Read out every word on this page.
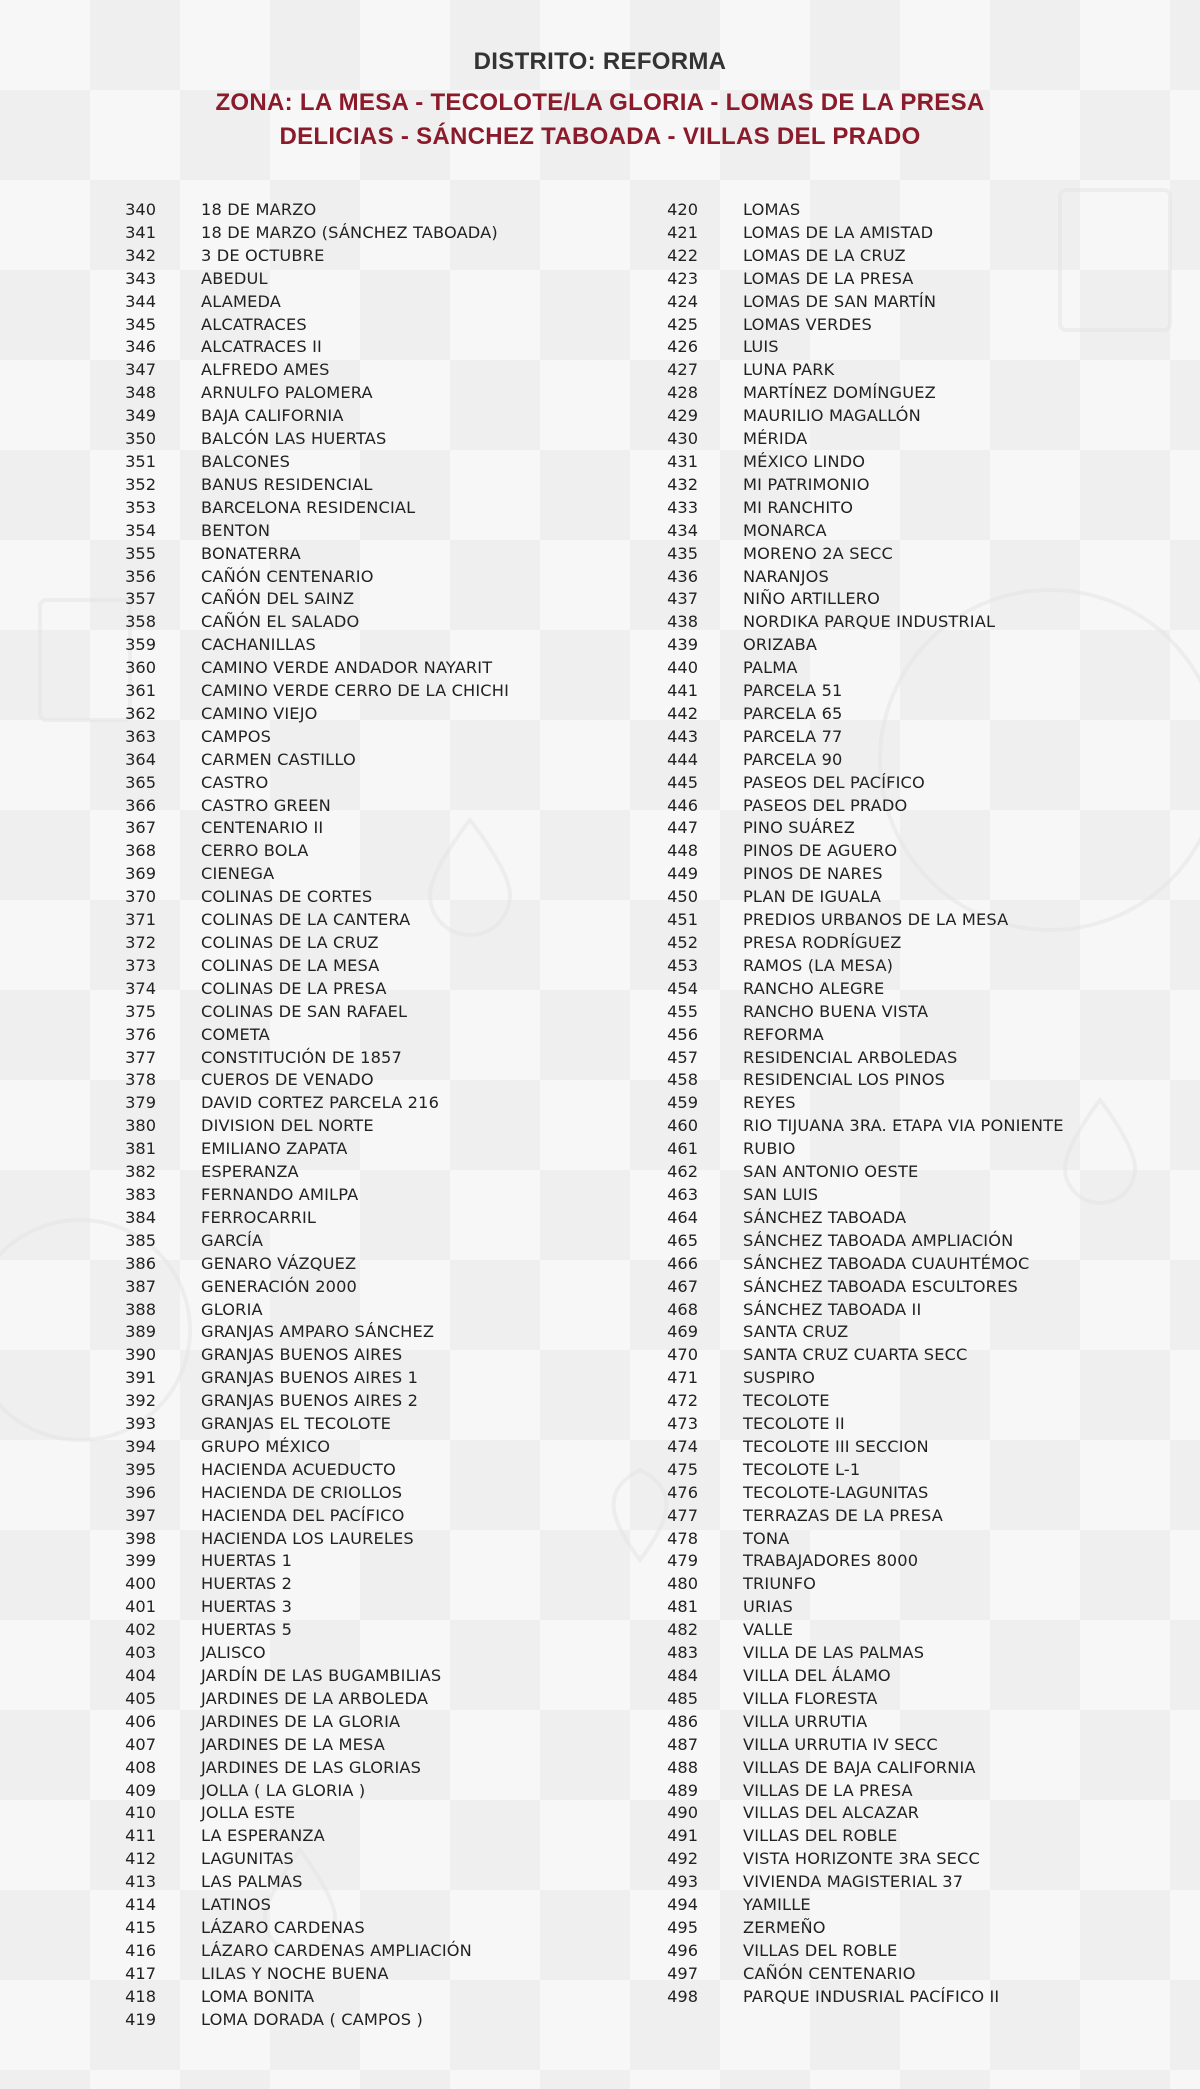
DISTRITO: REFORMA
ZONA: LA MESA - TECOLOTE/LA GLORIA - LOMAS DE LA PRESA
DELICIAS - SÁNCHEZ TABOADA - VILLAS DEL PRADO
340	18 DE MARZO
341	18 DE MARZO (SÁNCHEZ TABOADA)
342	3 DE OCTUBRE
343	ABEDUL
344	ALAMEDA
345	ALCATRACES
346	ALCATRACES II
347	ALFREDO AMES
348	ARNULFO PALOMERA
349	BAJA CALIFORNIA
350	BALCÓN LAS HUERTAS
351	BALCONES
352	BANUS RESIDENCIAL
353	BARCELONA RESIDENCIAL
354	BENTON
355	BONATERRA
356	CAÑÓN CENTENARIO
357	CAÑÓN DEL SAINZ
358	CAÑÓN EL SALADO
359	CACHANILLAS
360	CAMINO VERDE ANDADOR NAYARIT
361	CAMINO VERDE CERRO DE LA CHICHI
362	CAMINO VIEJO
363	CAMPOS
364	CARMEN CASTILLO
365	CASTRO
366	CASTRO GREEN
367	CENTENARIO II
368	CERRO BOLA
369	CIENEGA
370	COLINAS DE CORTES
371	COLINAS DE LA CANTERA
372	COLINAS DE LA CRUZ
373	COLINAS DE LA MESA
374	COLINAS DE LA PRESA
375	COLINAS DE SAN RAFAEL
376	COMETA
377	CONSTITUCIÓN DE 1857
378	CUEROS DE VENADO
379	DAVID CORTEZ PARCELA 216
380	DIVISION DEL NORTE
381	EMILIANO ZAPATA
382	ESPERANZA
383	FERNANDO AMILPA
384	FERROCARRIL
385	GARCÍA
386	GENARO VÁZQUEZ
387	GENERACIÓN 2000
388	GLORIA
389	GRANJAS AMPARO SÁNCHEZ
390	GRANJAS BUENOS AIRES
391	GRANJAS BUENOS AIRES 1
392	GRANJAS BUENOS AIRES 2
393	GRANJAS EL TECOLOTE
394	GRUPO MÉXICO
395	HACIENDA ACUEDUCTO
396	HACIENDA DE CRIOLLOS
397	HACIENDA DEL PACÍFICO
398	HACIENDA LOS LAURELES
399	HUERTAS 1
400	HUERTAS 2
401	HUERTAS 3
402	HUERTAS 5
403	JALISCO
404	JARDÍN DE LAS BUGAMBILIAS
405	JARDINES DE LA ARBOLEDA
406	JARDINES DE LA GLORIA
407	JARDINES DE LA MESA
408	JARDINES DE LAS GLORIAS
409	JOLLA ( LA GLORIA )
410	JOLLA ESTE
411	LA ESPERANZA
412	LAGUNITAS
413	LAS PALMAS
414	LATINOS
415	LÁZARO CARDENAS
416	LÁZARO CARDENAS AMPLIACIÓN
417	LILAS Y NOCHE BUENA
418	LOMA BONITA
419	LOMA DORADA ( CAMPOS )
420	LOMAS
421	LOMAS DE LA AMISTAD
422	LOMAS DE LA CRUZ
423	LOMAS DE LA PRESA
424	LOMAS DE SAN MARTÍN
425	LOMAS VERDES
426	LUIS
427	LUNA PARK
428	MARTÍNEZ DOMÍNGUEZ
429	MAURILIO MAGALLÓN
430	MÉRIDA
431	MÉXICO LINDO
432	MI PATRIMONIO
433	MI RANCHITO
434	MONARCA
435	MORENO 2A SECC
436	NARANJOS
437	NIÑO ARTILLERO
438	NORDIKA PARQUE INDUSTRIAL
439	ORIZABA
440	PALMA
441	PARCELA 51
442	PARCELA 65
443	PARCELA 77
444	PARCELA 90
445	PASEOS DEL PACÍFICO
446	PASEOS DEL PRADO
447	PINO SUÁREZ
448	PINOS DE AGUERO
449	PINOS DE NARES
450	PLAN DE IGUALA
451	PREDIOS URBANOS DE LA MESA
452	PRESA RODRÍGUEZ
453	RAMOS (LA MESA)
454	RANCHO ALEGRE
455	RANCHO BUENA VISTA
456	REFORMA
457	RESIDENCIAL ARBOLEDAS
458	RESIDENCIAL LOS PINOS
459	REYES
460	RIO TIJUANA 3RA. ETAPA VIA PONIENTE
461	RUBIO
462	SAN ANTONIO OESTE
463	SAN LUIS
464	SÁNCHEZ TABOADA
465	SÁNCHEZ TABOADA AMPLIACIÓN
466	SÁNCHEZ TABOADA CUAUHTÉMOC
467	SÁNCHEZ TABOADA ESCULTORES
468	SÁNCHEZ TABOADA II
469	SANTA CRUZ
470	SANTA CRUZ CUARTA SECC
471	SUSPIRO
472	TECOLOTE
473	TECOLOTE II
474	TECOLOTE III SECCION
475	TECOLOTE L-1
476	TECOLOTE-LAGUNITAS
477	TERRAZAS DE LA PRESA
478	TONA
479	TRABAJADORES 8000
480	TRIUNFO
481	URIAS
482	VALLE
483	VILLA DE LAS PALMAS
484	VILLA DEL ÁLAMO
485	VILLA FLORESTA
486	VILLA URRUTIA
487	VILLA URRUTIA IV SECC
488	VILLAS DE BAJA CALIFORNIA
489	VILLAS DE LA PRESA
490	VILLAS DEL ALCAZAR
491	VILLAS DEL ROBLE
492	VISTA HORIZONTE 3RA SECC
493	VIVIENDA MAGISTERIAL 37
494	YAMILLE
495	ZERMEÑO
496	VILLAS DEL ROBLE
497	CAÑÓN CENTENARIO
498	PARQUE INDUSRIAL PACÍFICO II
